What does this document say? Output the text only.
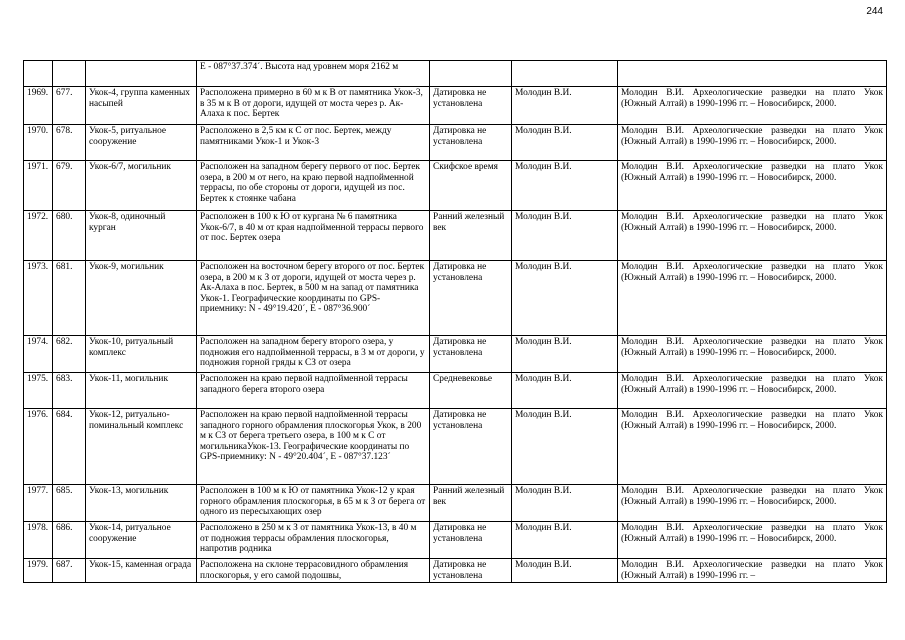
244
			Е - 087°37.374´. Высота над уровнем моря 2162 м			
1969.	677.	Укок-4, группа каменных насыпей	Расположена примерно в 60 м к В от памятника Укок-3, в 35 м к В от дороги, идущей от моста через р. Ак-Алаха к пос. Бертек	Датировка не установлена	Молодин В.И.	Молодин В.И. Археологические разведки на плато Укок (Южный Алтай) в 1990-1996 гг. – Новосибирск, 2000.
1970.	678.	Укок-5, ритуальное сооружение	Расположено в 2,5 км к С от пос. Бертек, между памятниками Укок-1 и Укок-3	Датировка не установлена	Молодин В.И.	Молодин В.И. Археологические разведки на плато Укок (Южный Алтай) в 1990-1996 гг. – Новосибирск, 2000.
1971.	679.	Укок-6/7, могильник	Расположен на западном берегу первого от пос. Бертек озера, в 200 м от него, на краю первой надпойменной террасы, по обе стороны от дороги, идущей из пос. Бертек к стоянке чабана	Скифское время	Молодин В.И.	Молодин В.И. Археологические разведки на плато Укок (Южный Алтай) в 1990-1996 гг. – Новосибирск, 2000.
1972.	680.	Укок-8, одиночный курган	Расположен в 100 к Ю от кургана № 6 памятника Укок-6/7, в 40 м от края надпойменной террасы первого от пос. Бертек озера	Ранний железный век	Молодин В.И.	Молодин В.И. Археологические разведки на плато Укок (Южный Алтай) в 1990-1996 гг. – Новосибирск, 2000.
1973.	681.	Укок-9, могильник	Расположен на восточном берегу второго от пос. Бертек озера, в 200 м к З от дороги, идущей от моста через р. Ак-Алаха в пос. Бертек, в 500 м на запад от памятника Укок-1. Географические координаты по GPS-приемнику: N - 49°19.420´, Е - 087°36.900´	Датировка не установлена	Молодин В.И.	Молодин В.И. Археологические разведки на плато Укок (Южный Алтай) в 1990-1996 гг. – Новосибирск, 2000.
1974.	682.	Укок-10, ритуальный комплекс	Расположен на западном берегу второго озера, у подножия его надпойменной террасы, в 3 м от дороги, у подножия горной гряды к СЗ от озера	Датировка не установлена	Молодин В.И.	Молодин В.И. Археологические разведки на плато Укок (Южный Алтай) в 1990-1996 гг. – Новосибирск, 2000.
1975.	683.	Укок-11, могильник	Расположен на краю первой надпойменной террасы западного берега второго озера	Средневековье	Молодин В.И.	Молодин В.И. Археологические разведки на плато Укок (Южный Алтай) в 1990-1996 гг. – Новосибирск, 2000.
1976.	684.	Укок-12, ритуально-поминальный комплекс	Расположен на краю первой надпойменной террасы западного горного обрамления плоскогорья Укок, в 200 м к СЗ от берега третьего озера, в 100 м к С от могильникаУкок-13. Географические координаты по GPS-приемнику: N - 49°20.404´, Е - 087°37.123´	Датировка не установлена	Молодин В.И.	Молодин В.И. Археологические разведки на плато Укок (Южный Алтай) в 1990-1996 гг. – Новосибирск, 2000.
1977.	685.	Укок-13, могильник	Расположен в 100 м к Ю от памятника Укок-12 у края горного обрамления плоскогорья, в 65 м к З от берега от одного из пересыхающих озер	Ранний железный век	Молодин В.И.	Молодин В.И. Археологические разведки на плато Укок (Южный Алтай) в 1990-1996 гг. – Новосибирск, 2000.
1978.	686.	Укок-14, ритуальное сооружение	Расположено в 250 м к З от памятника Укок-13, в 40 м от подножия террасы обрамления плоскогорья, напротив родника	Датировка не установлена	Молодин В.И.	Молодин В.И. Археологические разведки на плато Укок (Южный Алтай) в 1990-1996 гг. – Новосибирск, 2000.
1979.	687.	Укок-15, каменная ограда	Расположена на склоне террасовидного обрамления плоскогорья, у его самой подошвы,	Датировка не установлена	Молодин В.И.	Молодин В.И. Археологические разведки на плато Укок (Южный Алтай) в 1990-1996 гг. –
